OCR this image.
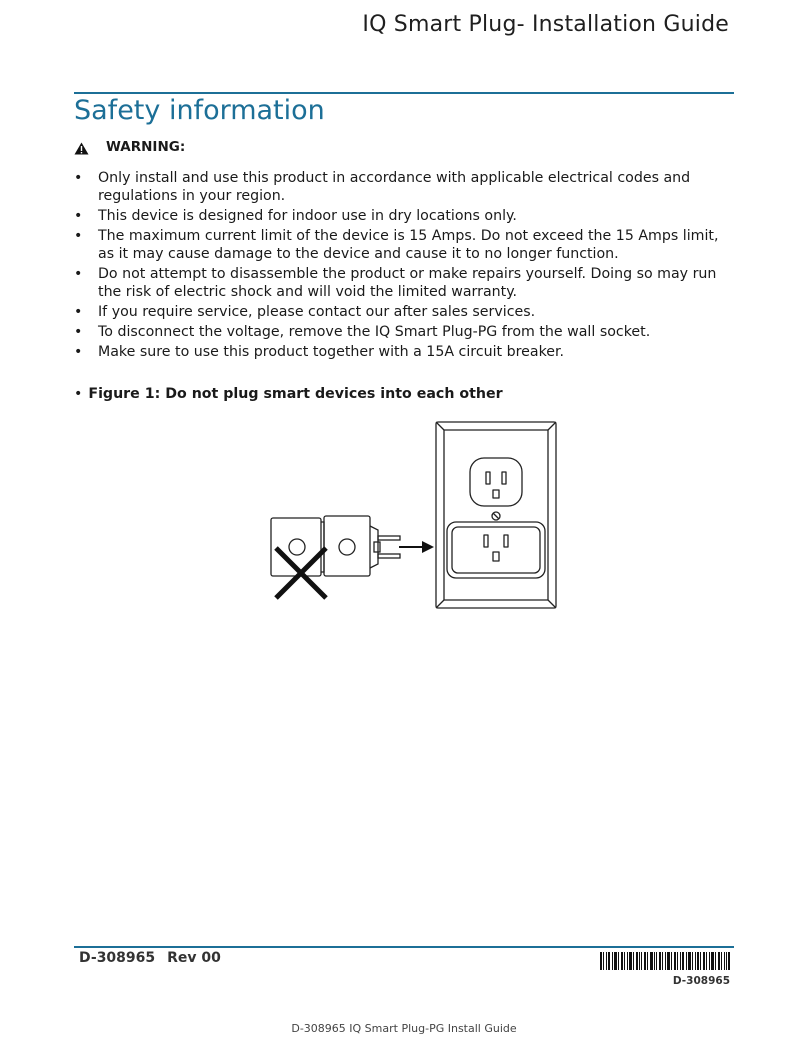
IQ Smart Plug- Installation Guide
Safety information
WARNING:
• Only install and use this product in accordance with applicable electrical codes and regulations in your region.
• This device is designed for indoor use in dry locations only.
• The maximum current limit of the device is 15 Amps. Do not exceed the 15 Amps limit, as it may cause damage to the device and cause it to no longer function.
• Do not attempt to disassemble the product or make repairs yourself. Doing so may run the risk of electric shock and will void the limited warranty.
• If you require service, please contact our after sales services.
• To disconnect the voltage, remove the IQ Smart Plug-PG from the wall socket.
• Make sure to use this product together with a 15A circuit breaker.
• Figure 1: Do not plug smart devices into each other
D-308965 Rev 00
D-308965
D-308965 IQ Smart Plug-PG Install Guide
